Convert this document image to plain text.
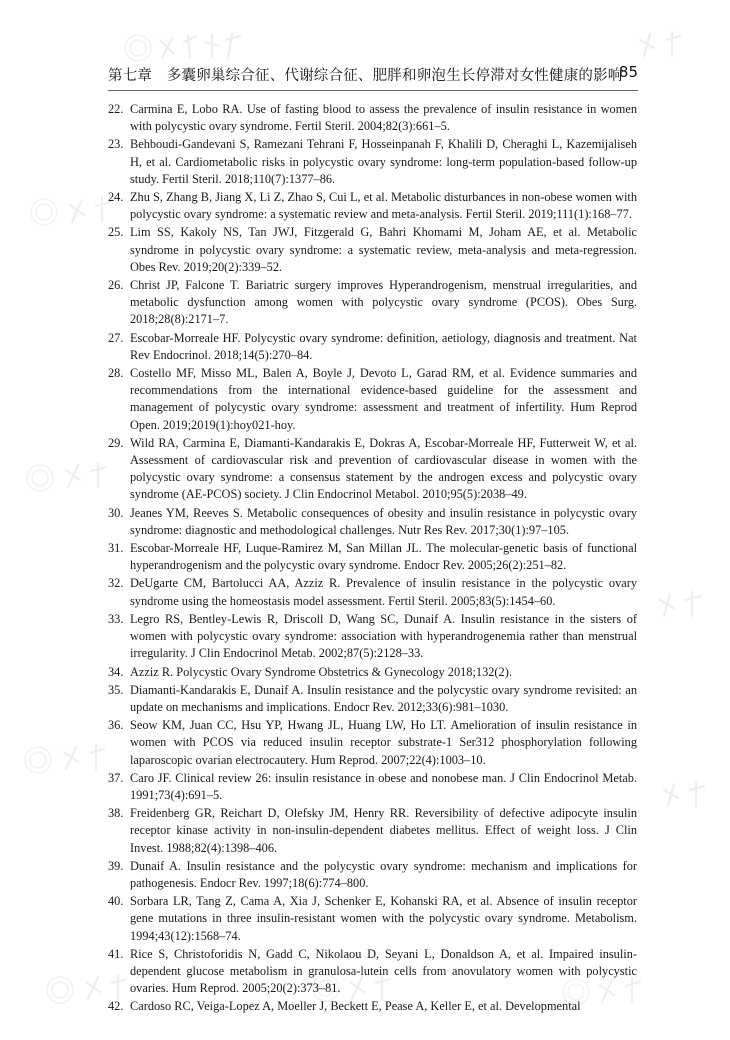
第七章　多囊卵巢综合征、代谢综合征、肥胖和卵泡生长停滞对女性健康的影响
85
22. Carmina E, Lobo RA. Use of fasting blood to assess the prevalence of insulin resistance in women with polycystic ovary syndrome. Fertil Steril. 2004;82(3):661–5.
23. Behboudi-Gandevani S, Ramezani Tehrani F, Hosseinpanah F, Khalili D, Cheraghi L, Kazemijaliseh H, et al. Cardiometabolic risks in polycystic ovary syndrome: long-term population-based follow-up study. Fertil Steril. 2018;110(7):1377–86.
24. Zhu S, Zhang B, Jiang X, Li Z, Zhao S, Cui L, et al. Metabolic disturbances in non-obese women with polycystic ovary syndrome: a systematic review and meta-analysis. Fertil Steril. 2019;111(1):168–77.
25. Lim SS, Kakoly NS, Tan JWJ, Fitzgerald G, Bahri Khomami M, Joham AE, et al. Metabolic syndrome in polycystic ovary syndrome: a systematic review, meta-analysis and meta-regression. Obes Rev. 2019;20(2):339–52.
26. Christ JP, Falcone T. Bariatric surgery improves Hyperandrogenism, menstrual irregularities, and metabolic dysfunction among women with polycystic ovary syndrome (PCOS). Obes Surg. 2018;28(8):2171–7.
27. Escobar-Morreale HF. Polycystic ovary syndrome: definition, aetiology, diagnosis and treatment. Nat Rev Endocrinol. 2018;14(5):270–84.
28. Costello MF, Misso ML, Balen A, Boyle J, Devoto L, Garad RM, et al. Evidence summaries and recommendations from the international evidence-based guideline for the assessment and management of polycystic ovary syndrome: assessment and treatment of infertility. Hum Reprod Open. 2019;2019(1):hoy021-hoy.
29. Wild RA, Carmina E, Diamanti-Kandarakis E, Dokras A, Escobar-Morreale HF, Futterweit W, et al. Assessment of cardiovascular risk and prevention of cardiovascular disease in women with the polycystic ovary syndrome: a consensus statement by the androgen excess and polycystic ovary syndrome (AE-PCOS) society. J Clin Endocrinol Metabol. 2010;95(5):2038–49.
30. Jeanes YM, Reeves S. Metabolic consequences of obesity and insulin resistance in polycystic ovary syndrome: diagnostic and methodological challenges. Nutr Res Rev. 2017;30(1):97–105.
31. Escobar-Morreale HF, Luque-Ramirez M, San Millan JL. The molecular-genetic basis of functional hyperandrogenism and the polycystic ovary syndrome. Endocr Rev. 2005;26(2):251–82.
32. DeUgarte CM, Bartolucci AA, Azziz R. Prevalence of insulin resistance in the polycystic ovary syndrome using the homeostasis model assessment. Fertil Steril. 2005;83(5):1454–60.
33. Legro RS, Bentley-Lewis R, Driscoll D, Wang SC, Dunaif A. Insulin resistance in the sisters of women with polycystic ovary syndrome: association with hyperandrogenemia rather than menstrual irregularity. J Clin Endocrinol Metab. 2002;87(5):2128–33.
34. Azziz R. Polycystic Ovary Syndrome Obstetrics & Gynecology 2018;132(2).
35. Diamanti-Kandarakis E, Dunaif A. Insulin resistance and the polycystic ovary syndrome revisited: an update on mechanisms and implications. Endocr Rev. 2012;33(6):981–1030.
36. Seow KM, Juan CC, Hsu YP, Hwang JL, Huang LW, Ho LT. Amelioration of insulin resistance in women with PCOS via reduced insulin receptor substrate-1 Ser312 phosphorylation following laparoscopic ovarian electrocautery. Hum Reprod. 2007;22(4):1003–10.
37. Caro JF. Clinical review 26: insulin resistance in obese and nonobese man. J Clin Endocrinol Metab. 1991;73(4):691–5.
38. Freidenberg GR, Reichart D, Olefsky JM, Henry RR. Reversibility of defective adipocyte insulin receptor kinase activity in non-insulin-dependent diabetes mellitus. Effect of weight loss. J Clin Invest. 1988;82(4):1398–406.
39. Dunaif A. Insulin resistance and the polycystic ovary syndrome: mechanism and implications for pathogenesis. Endocr Rev. 1997;18(6):774–800.
40. Sorbara LR, Tang Z, Cama A, Xia J, Schenker E, Kohanski RA, et al. Absence of insulin receptor gene mutations in three insulin-resistant women with the polycystic ovary syndrome. Metabolism. 1994;43(12):1568–74.
41. Rice S, Christoforidis N, Gadd C, Nikolaou D, Seyani L, Donaldson A, et al. Impaired insulin-dependent glucose metabolism in granulosa-lutein cells from anovulatory women with polycystic ovaries. Hum Reprod. 2005;20(2):373–81.
42. Cardoso RC, Veiga-Lopez A, Moeller J, Beckett E, Pease A, Keller E, et al. Developmental
